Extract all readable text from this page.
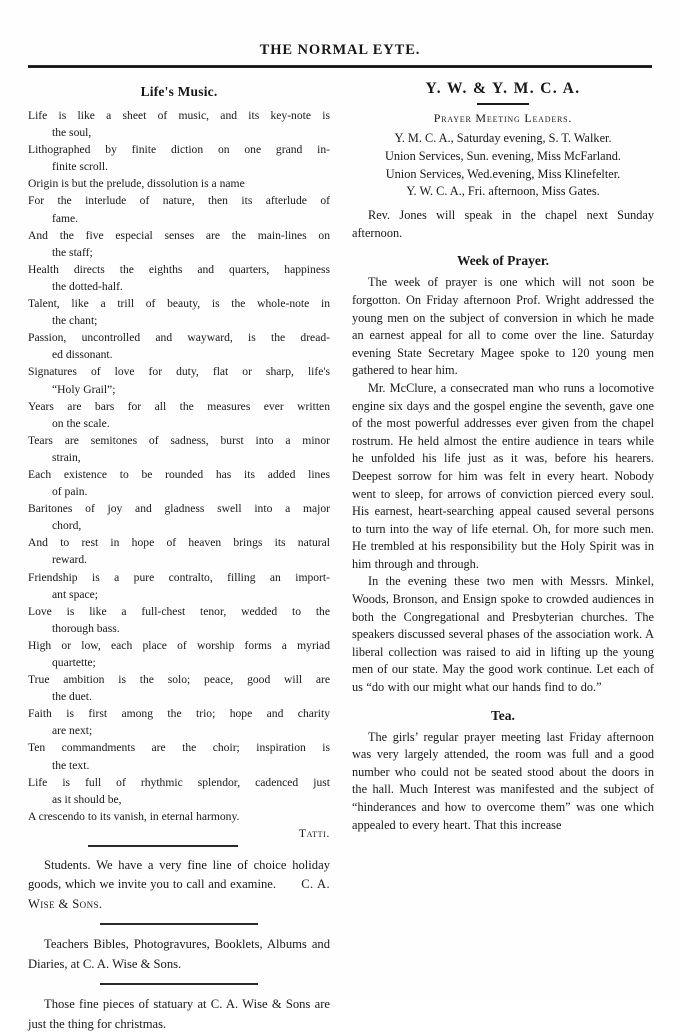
THE NORMAL EYTE.
Life's Music.
Life is like a sheet of music, and its key-note is
the soul,
Lithographed by finite diction on one grand in-
finite scroll.
Origin is but the prelude, dissolution is a name
For the interlude of nature, then its afterlude of
fame.
And the five especial senses are the main-lines on
the staff;
Health directs the eighths and quarters, happiness
the dotted-half.
Talent, like a trill of beauty, is the whole-note in
the chant;
Passion, uncontrolled and wayward, is the dread-
ed dissonant.
Signatures of love for duty, flat or sharp, life's
“Holy Grail”;
Years are bars for all the measures ever written
on the scale.
Tears are semitones of sadness, burst into a minor
strain,
Each existence to be rounded has its added lines
of pain.
Baritones of joy and gladness swell into a major
chord,
And to rest in hope of heaven brings its natural
reward.
Friendship is a pure contralto, filling an import-
ant space;
Love is like a full-chest tenor, wedded to the
thorough bass.
High or low, each place of worship forms a myriad
quartette;
True ambition is the solo; peace, good will are
the duet.
Faith is first among the trio; hope and charity
are next;
Ten commandments are the choir; inspiration is
the text.
Life is full of rhythmic splendor, cadenced just
as it should be,
A crescendo to its vanish, in eternal harmony.
Tatti.

Students. We have a very fine line of choice holiday goods, which we invite you to call and examine.   C. A. Wise & Sons.

Teachers Bibles, Photogravures, Booklets, Albums and Diaries, at C. A. Wise & Sons.

Those fine pieces of statuary at C. A. Wise & Sons are just the thing for christmas.

Y. W. & Y. M. C. A.
Prayer Meeting Leaders.
Y. M. C. A., Saturday evening, S. T. Walker.
Union Services, Sun. evening, Miss McFarland.
Union Services, Wed.evening, Miss Klinefelter.
Y. W. C. A., Fri. afternoon, Miss Gates.

Rev. Jones will speak in the chapel next Sunday afternoon.

Week of Prayer.

The week of prayer is one which will not soon be forgotton. On Friday afternoon Prof. Wright addressed the young men on the subject of conversion in which he made an earnest appeal for all to come over the line. Saturday evening State Secretary Magee spoke to 120 young men gathered to hear him.

Mr. McClure, a consecrated man who runs a locomotive engine six days and the gospel engine the seventh, gave one of the most powerful addresses ever given from the chapel rostrum. He held almost the entire audience in tears while he unfolded his life just as it was, before his hearers. Deepest sorrow for him was felt in every heart. Nobody went to sleep, for arrows of conviction pierced every soul. His earnest, heart-searching appeal caused several persons to turn into the way of life eternal. Oh, for more such men. He trembled at his responsibility but the Holy Spirit was in him through and through.

In the evening these two men with Messrs. Minkel, Woods, Bronson, and Ensign spoke to crowded audiences in both the Congregational and Presbyterian churches. The speakers discussed several phases of the association work. A liberal collection was raised to aid in lifting up the young men of our state. May the good work continue. Let each of us “do with our might what our hands find to do.”

Tea.

The girls’ regular prayer meeting last Friday afternoon was very largely attended, the room was full and a good number who could not be seated stood about the doors in the hall. Much Interest was manifested and the subject of “hinderances and how to overcome them” was one which appealed to every heart. That this increase
